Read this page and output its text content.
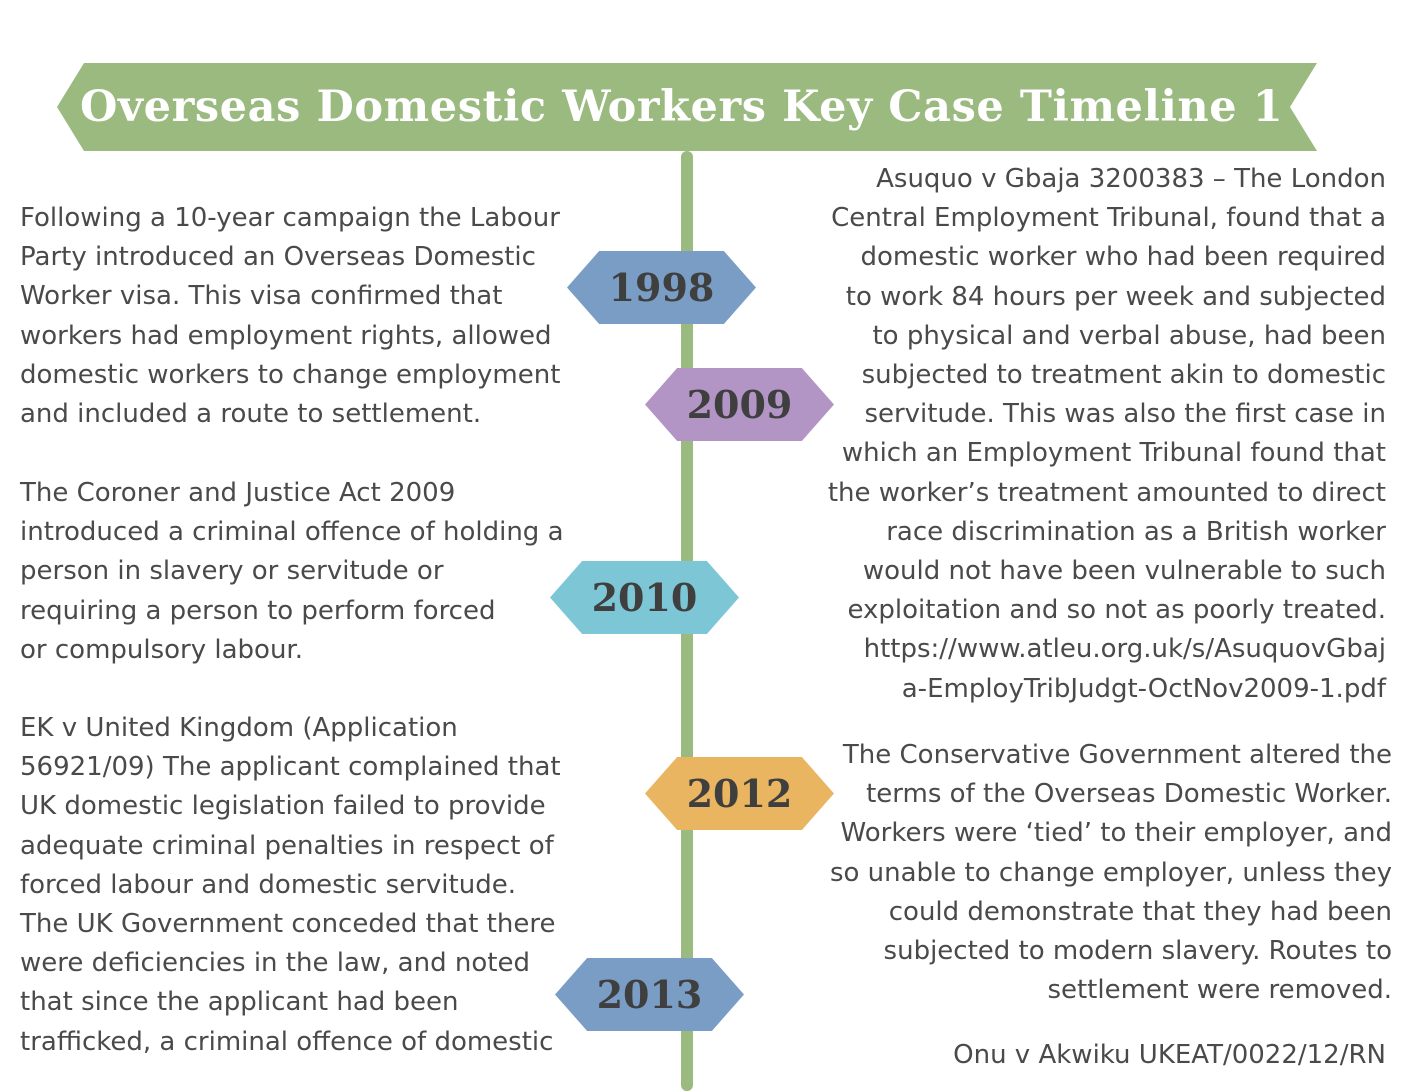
Overseas Domestic Workers Key Case Timeline 1
1998
2009
2010
2012
2013

Following a 10-year campaign the Labour
Party introduced an Overseas Domestic
Worker visa. This visa confirmed that
workers had employment rights, allowed
domestic workers to change employment
and included a route to settlement.

The Coroner and Justice Act 2009
introduced a criminal offence of holding a
person in slavery or servitude or
requiring a person to perform forced
or compulsory labour.

EK v United Kingdom (Application
56921/09) The applicant complained that
UK domestic legislation failed to provide
adequate criminal penalties in respect of
forced labour and domestic servitude.
The UK Government conceded that there
were deficiencies in the law, and noted
that since the applicant had been
trafficked, a criminal offence of domestic

Asuquo v Gbaja 3200383 – The London
Central Employment Tribunal, found that a
domestic worker who had been required
to work 84 hours per week and subjected
to physical and verbal abuse, had been
subjected to treatment akin to domestic
servitude. This was also the first case in
which an Employment Tribunal found that
the worker’s treatment amounted to direct
race discrimination as a British worker
would not have been vulnerable to such
exploitation and so not as poorly treated.
https://www.atleu.org.uk/s/AsuquovGbaj
a-EmployTribJudgt-OctNov2009-1.pdf

The Conservative Government altered the
terms of the Overseas Domestic Worker.
Workers were ‘tied’ to their employer, and
so unable to change employer, unless they
could demonstrate that they had been
subjected to modern slavery. Routes to
settlement were removed.

Onu v Akwiku UKEAT/0022/12/RN
